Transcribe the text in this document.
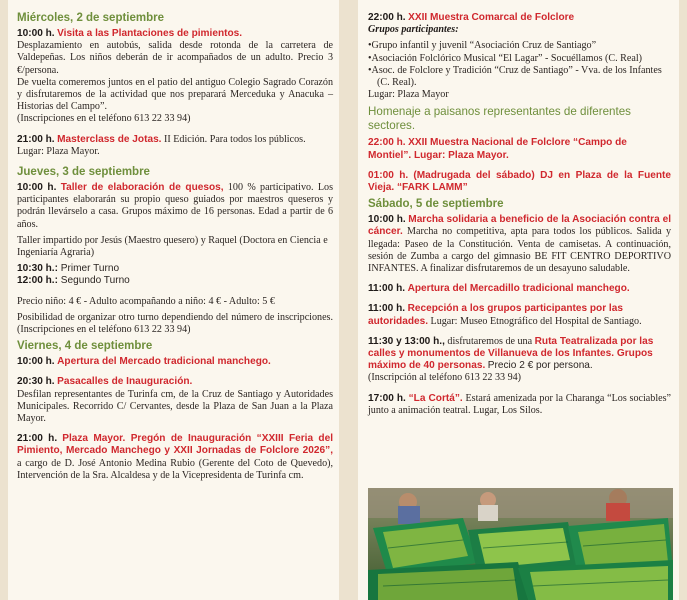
Miércoles, 2 de septiembre

10:00 h. Visita a las Plantaciones de pimientos.
Desplazamiento en autobús, salida desde rotonda de la carretera de Valdepeñas. Los niños deberán de ir acompañados de un adulto. Precio 3 €/persona.
De vuelta comeremos juntos en el patio del antiguo Colegio Sagrado Corazón y disfrutaremos de la actividad que nos preparará Merceduka y Anacuka – Historias del Campo”.
(Inscripciones en el teléfono 613 22 33 94)

21:00 h. Masterclass de Jotas. II Edición. Para todos los públicos.
Lugar: Plaza Mayor.

Jueves, 3 de septiembre

10:00 h. Taller de elaboración de quesos, 100 % participativo. Los participantes elaborarán su propio queso guiados por maestros queseros y podrán llevárselo a casa. Grupos máximo de 16 personas. Edad a partir de 6 años.

Taller impartido por Jesús (Maestro quesero) y Raquel (Doctora en Ciencia e Ingeniaría Agraria)

10:30 h.: Primer Turno

12:00 h.: Segundo Turno

Precio niño: 4 € - Adulto acompañando a niño: 4 € - Adulto: 5 €

Posibilidad de organizar otro turno dependiendo del número de inscripciones. (Inscripciones en el teléfono 613 22 33 94)

Viernes, 4 de septiembre

10:00 h. Apertura del Mercado tradicional manchego.

20:30 h. Pasacalles de Inauguración.
Desfilan representantes de Turinfa cm, de la Cruz de Santiago y Autoridades Municipales. Recorrido C/ Cervantes, desde la Plaza de San Juan a la Plaza Mayor.

21:00 h. Plaza Mayor. Pregón de Inauguración “XXIII Feria del Pimiento, Mercado Manchego y XXII Jornadas de Folclore 2026”, a cargo de D. José Antonio Medina Rubio (Gerente del Coto de Quevedo), Intervención de la Sra. Alcaldesa y de la Vicepresidenta de Turinfa cm.

22:00 h. XXII Muestra Comarcal de Folclore

Grupos participantes:

• Grupo infantil y juvenil “Asociación Cruz de Santiago”
• Asociación Folclórico Musical “El Lagar” - Socuéllamos (C. Real)
• Asoc. de Folclore y Tradición “Cruz de Santiago” - Vva. de los Infantes (C. Real).

Lugar: Plaza Mayor

Homenaje a paisanos representantes de diferentes sectores.

22:00 h. XXII Muestra Nacional de Folclore “Campo de Montiel”. Lugar: Plaza Mayor.

01:00 h. (Madrugada del sábado) DJ en Plaza de la Fuente Vieja. “FARK LAMM”

Sábado, 5 de septiembre

10:00 h. Marcha solidaria a beneficio de la Asociación contra el cáncer. Marcha no competitiva, apta para todos los públicos. Salida y llegada: Paseo de la Constitución. Venta de camisetas. A continuación, sesión de Zumba a cargo del gimnasio BE FIT CENTRO DEPORTIVO INFANTES. A finalizar disfrutaremos de un desayuno saludable.

11:00 h. Apertura del Mercadillo tradicional manchego.

11:00 h. Recepción a los grupos participantes por las autoridades. Lugar: Museo Etnográfico del Hospital de Santiago.

11:30 y 13:00 h., disfrutaremos de una Ruta Teatralizada por las calles y monumentos de Villanueva de los Infantes. Grupos máximo de 40 personas. Precio 2 € por persona.
(Inscripción al teléfono 613 22 33 94)

17:00 h. “La Cortá”. Estará amenizada por la Charanga “Los sociables” junto a animación teatral. Lugar, Los Silos.
